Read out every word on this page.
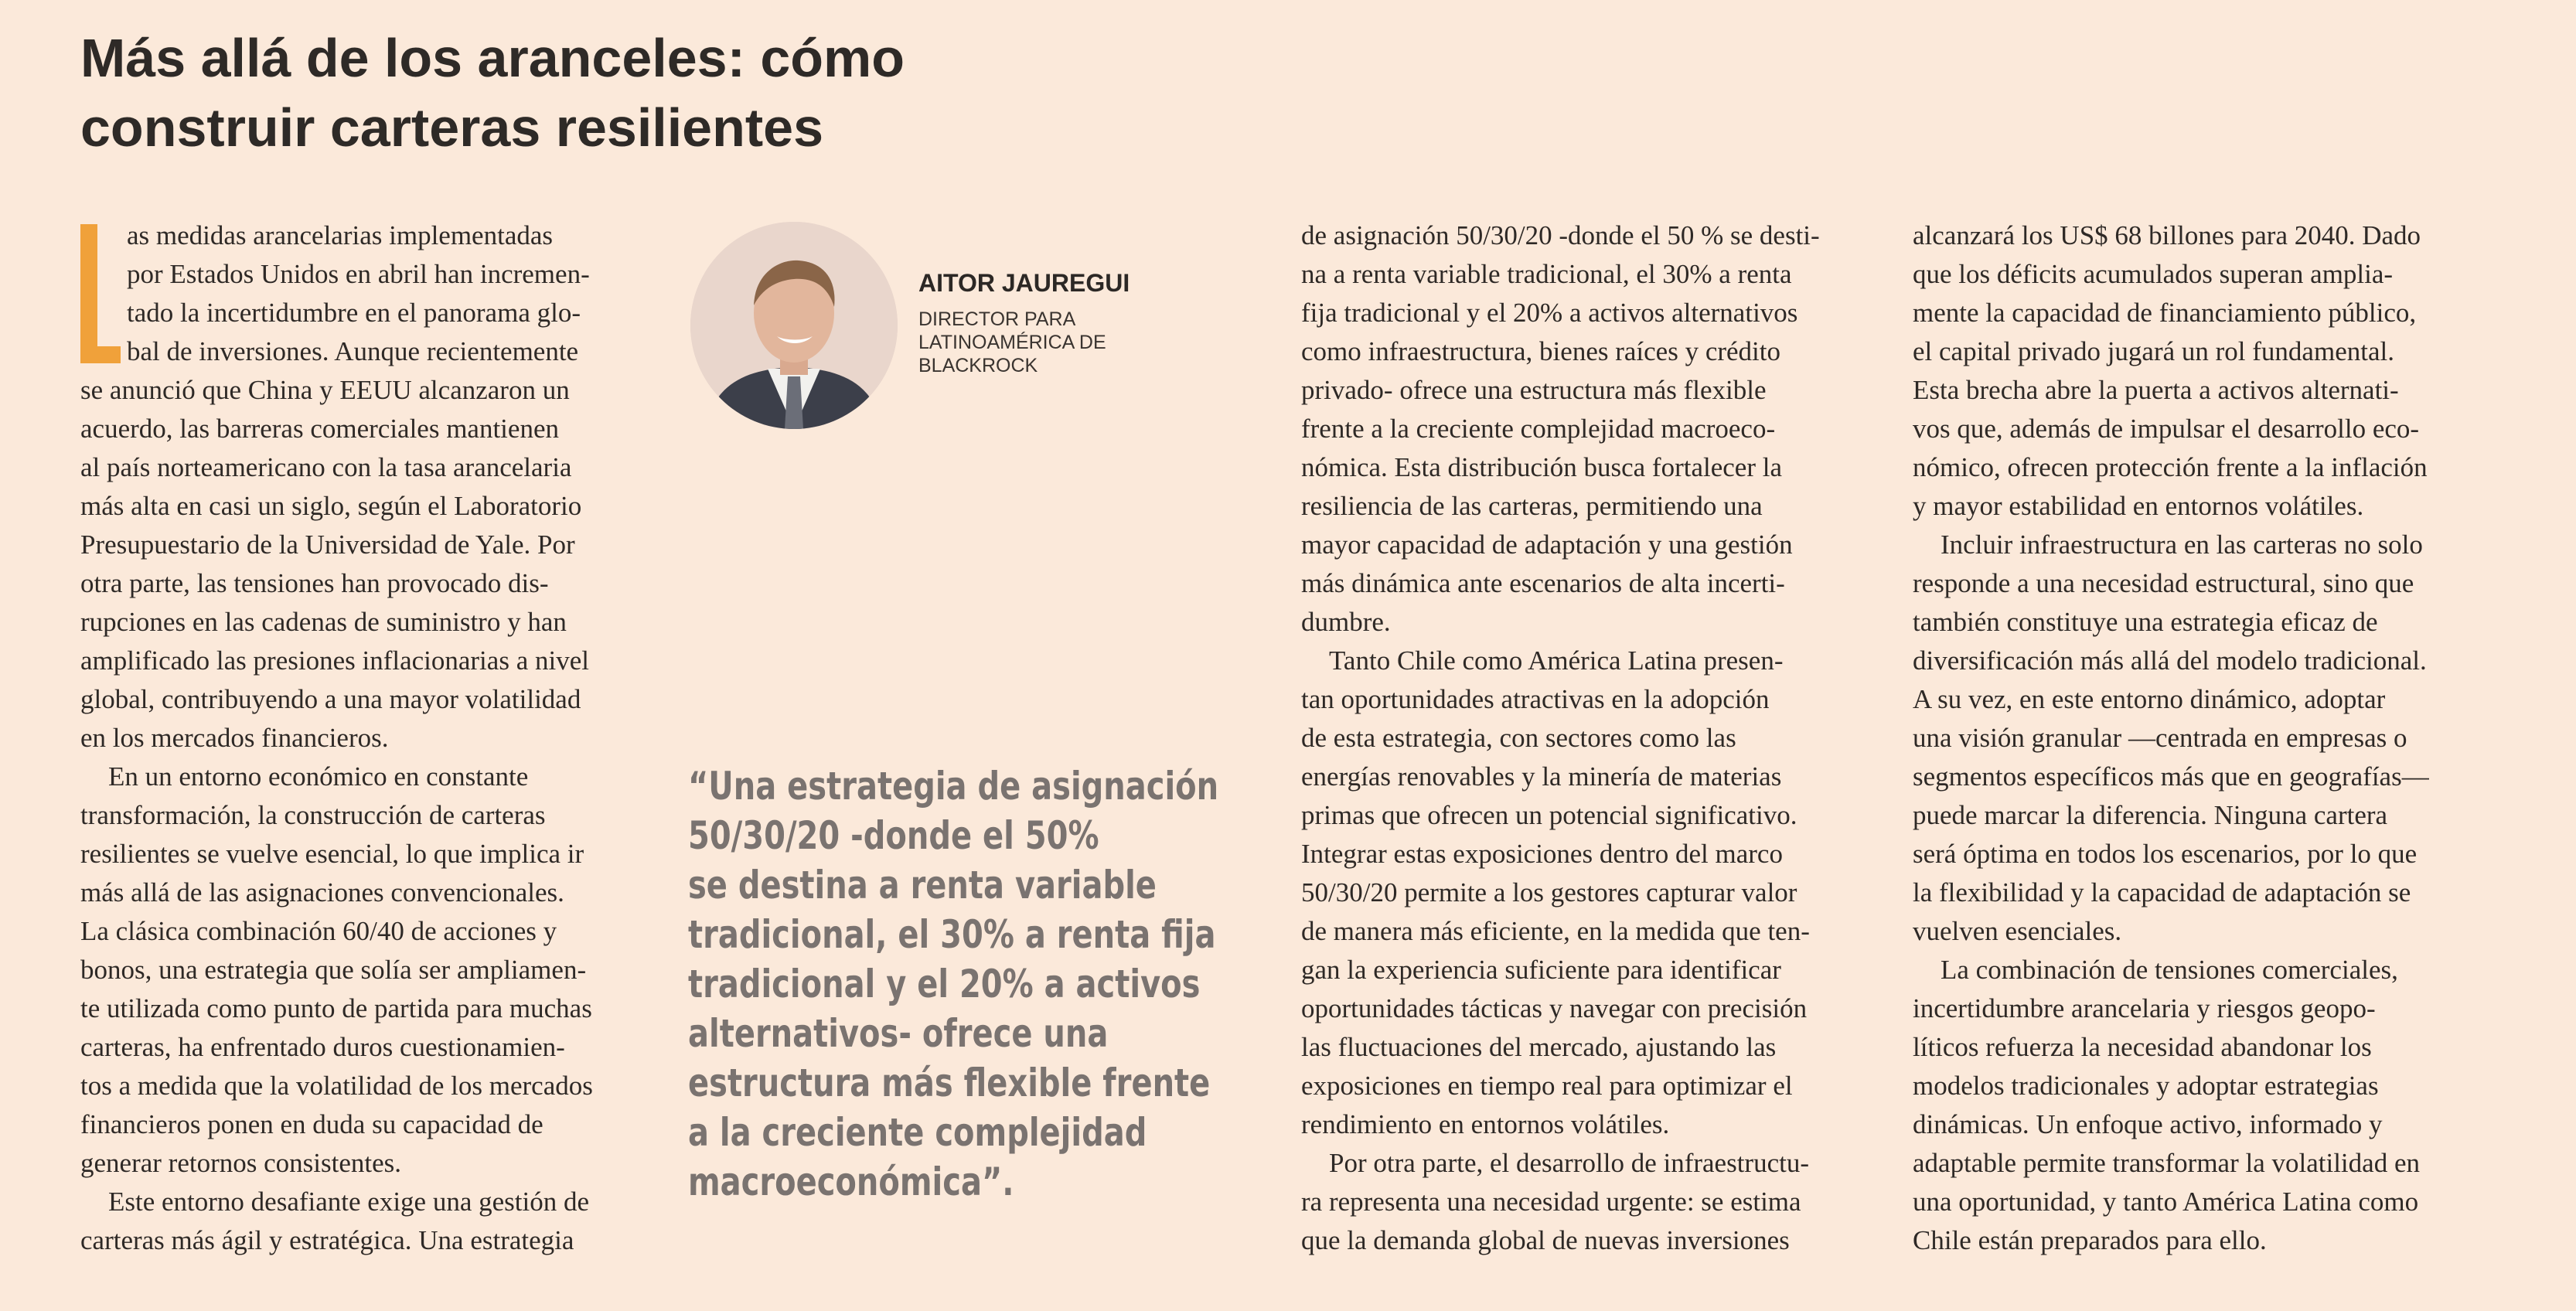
Más allá de los aranceles: cómo
construir carteras resilientes
as medidas arancelarias implementadas
por Estados Unidos en abril han incremen-
tado la incertidumbre en el panorama glo-
bal de inversiones. Aunque recientemente
se anunció que China y EEUU alcanzaron un
acuerdo, las barreras comerciales mantienen
al país norteamericano con la tasa arancelaria
más alta en casi un siglo, según el Laboratorio
Presupuestario de la Universidad de Yale. Por
otra parte, las tensiones han provocado dis-
rupciones en las cadenas de suministro y han
amplificado las presiones inflacionarias a nivel
global, contribuyendo a una mayor volatilidad
en los mercados financieros.
En un entorno económico en constante
transformación, la construcción de carteras
resilientes se vuelve esencial, lo que implica ir
más allá de las asignaciones convencionales.
La clásica combinación 60/40 de acciones y
bonos, una estrategia que solía ser ampliamen-
te utilizada como punto de partida para muchas
carteras, ha enfrentado duros cuestionamien-
tos a medida que la volatilidad de los mercados
financieros ponen en duda su capacidad de
generar retornos consistentes.
Este entorno desafiante exige una gestión de
carteras más ágil y estratégica. Una estrategia
AITOR JAUREGUI

DIRECTOR PARA
LATINOAMÉRICA DE
BLACKROCK

“Una estrategia de asignación
50/30/20 -donde el 50%
se destina a renta variable
tradicional, el 30% a renta fija
tradicional y el 20% a activos
alternativos- ofrece una
estructura más flexible frente
a la creciente complejidad
macroeconómica”.
de asignación 50/30/20 -donde el 50 % se desti-
na a renta variable tradicional, el 30% a renta
fija tradicional y el 20% a activos alternativos
como infraestructura, bienes raíces y crédito
privado- ofrece una estructura más flexible
frente a la creciente complejidad macroeco-
nómica. Esta distribución busca fortalecer la
resiliencia de las carteras, permitiendo una
mayor capacidad de adaptación y una gestión
más dinámica ante escenarios de alta incerti-
dumbre.
Tanto Chile como América Latina presen-
tan oportunidades atractivas en la adopción
de esta estrategia, con sectores como las
energías renovables y la minería de materias
primas que ofrecen un potencial significativo.
Integrar estas exposiciones dentro del marco
50/30/20 permite a los gestores capturar valor
de manera más eficiente, en la medida que ten-
gan la experiencia suficiente para identificar
oportunidades tácticas y navegar con precisión
las fluctuaciones del mercado, ajustando las
exposiciones en tiempo real para optimizar el
rendimiento en entornos volátiles.
Por otra parte, el desarrollo de infraestructu-
ra representa una necesidad urgente: se estima
que la demanda global de nuevas inversiones
alcanzará los US$ 68 billones para 2040. Dado
que los déficits acumulados superan amplia-
mente la capacidad de financiamiento público,
el capital privado jugará un rol fundamental.
Esta brecha abre la puerta a activos alternati-
vos que, además de impulsar el desarrollo eco-
nómico, ofrecen protección frente a la inflación
y mayor estabilidad en entornos volátiles.
Incluir infraestructura en las carteras no solo
responde a una necesidad estructural, sino que
también constituye una estrategia eficaz de
diversificación más allá del modelo tradicional.
A su vez, en este entorno dinámico, adoptar
una visión granular —centrada en empresas o
segmentos específicos más que en geografías—
puede marcar la diferencia. Ninguna cartera
será óptima en todos los escenarios, por lo que
la flexibilidad y la capacidad de adaptación se
vuelven esenciales.
La combinación de tensiones comerciales,
incertidumbre arancelaria y riesgos geopo-
líticos refuerza la necesidad abandonar los
modelos tradicionales y adoptar estrategias
dinámicas. Un enfoque activo, informado y
adaptable permite transformar la volatilidad en
una oportunidad, y tanto América Latina como
Chile están preparados para ello.
